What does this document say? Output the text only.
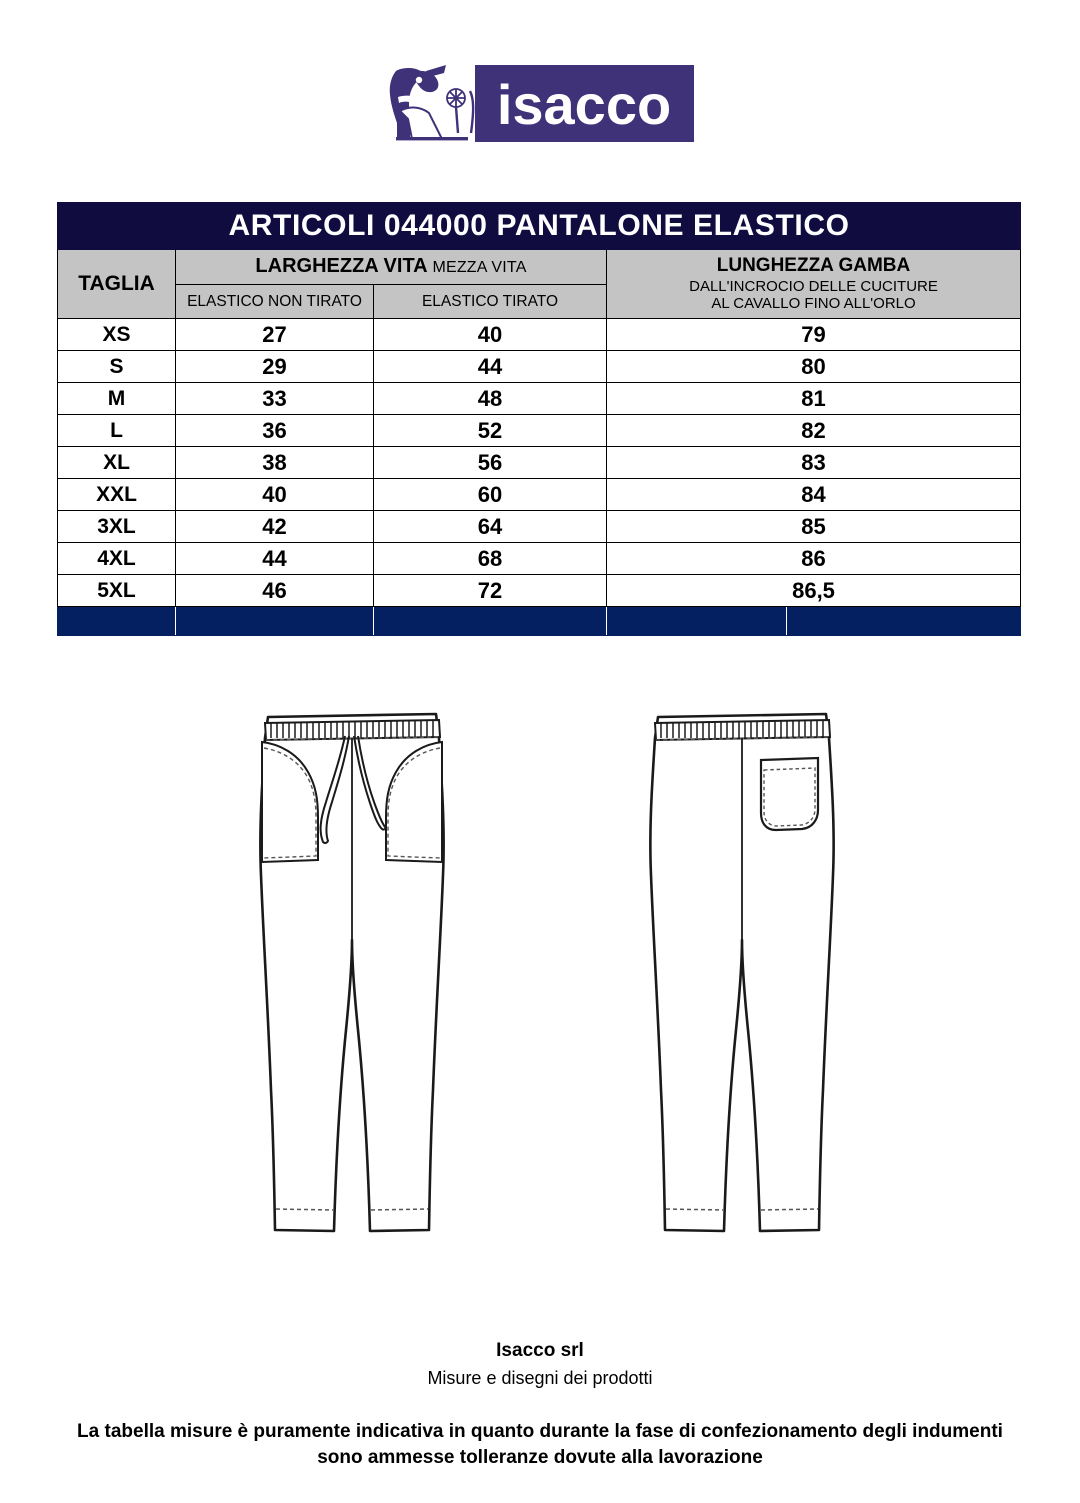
isacco
ARTICOLI 044000 PANTALONE ELASTICO				
TAGLIA	LARGHEZZA VITA MEZZA VITA		LUNGHEZZA GAMBA
DALL'INCROCIO DELLE CUCITURE
AL CAVALLO FINO ALL'ORLO	

	ELASTICO NON TIRATO	ELASTICO TIRATO		
XS	27	40	79	
S	29	44	80	
M	33	48	81	
L	36	52	82	
XL	38	56	83	
XXL	40	60	84	
3XL	42	64	85	
4XL	44	68	86	
5XL	46	72	86,5	

Isacco srl

Misure e disegni dei prodotti

La tabella misure è puramente indicativa in quanto durante la fase di confezionamento degli indumenti
sono ammesse tolleranze dovute alla lavorazione
